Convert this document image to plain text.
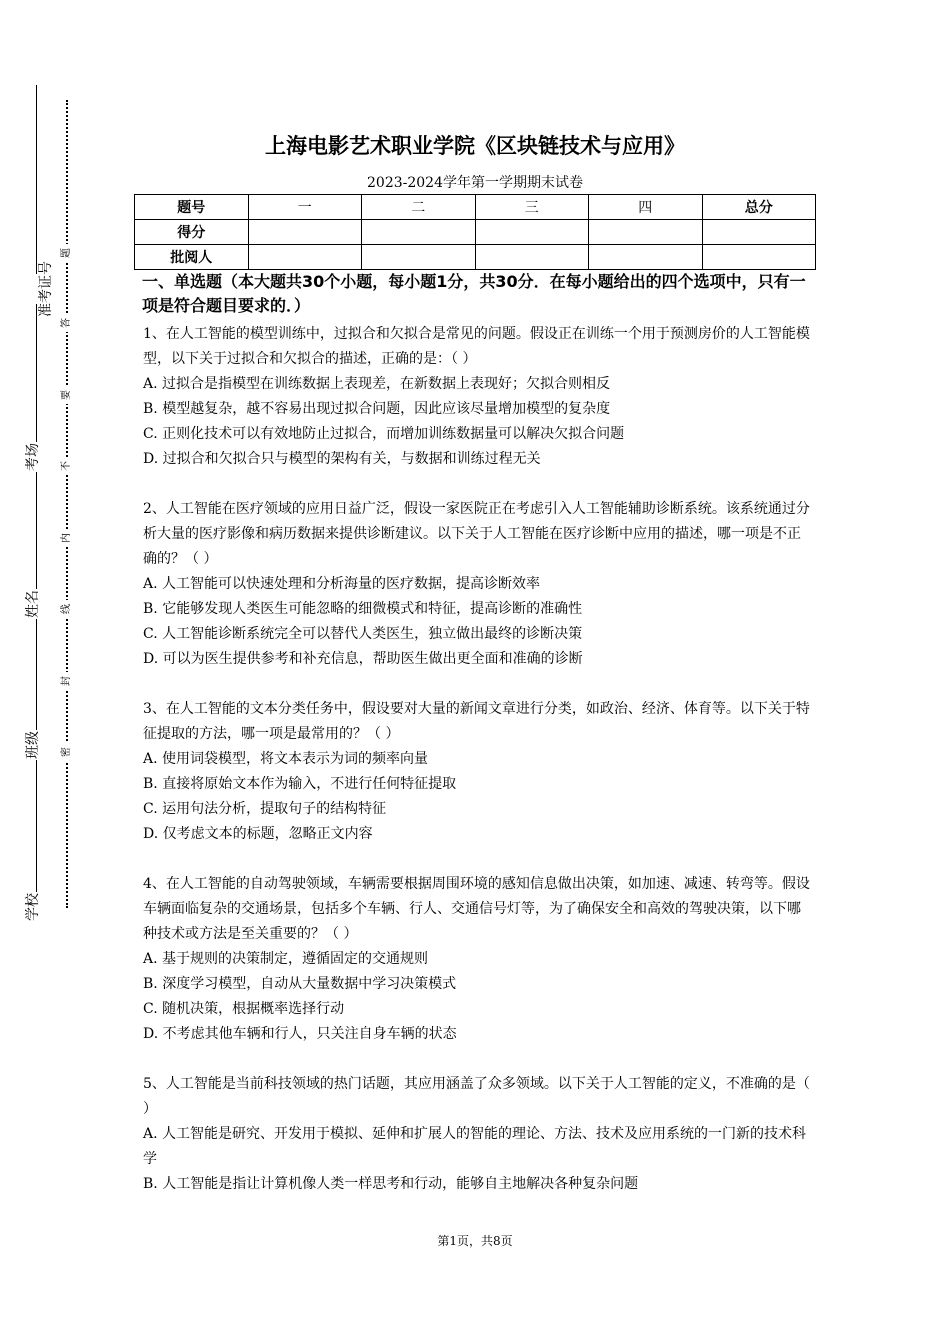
准考证号
考场
姓名
班级
学校
题
答
要
不
内
线
封
密
上海电影艺术职业学院《区块链技术与应用》
2023-2024学年第一学期期末试卷
题号	一	二	三	四	总分
得分					
批阅人					
一、单选题（本大题共30个小题，每小题1分，共30分．在每小题给出的四个选项中，只有一项是符合题目要求的．）

1、在人工智能的模型训练中，过拟合和欠拟合是常见的问题。假设正在训练一个用于预测房价的人工智能模型，以下关于过拟合和欠拟合的描述，正确的是：（ ）

A. 过拟合是指模型在训练数据上表现差，在新数据上表现好；欠拟合则相反

B. 模型越复杂，越不容易出现过拟合问题，因此应该尽量增加模型的复杂度

C. 正则化技术可以有效地防止过拟合，而增加训练数据量可以解决欠拟合问题

D. 过拟合和欠拟合只与模型的架构有关，与数据和训练过程无关

2、人工智能在医疗领域的应用日益广泛，假设一家医院正在考虑引入人工智能辅助诊断系统。该系统通过分析大量的医疗影像和病历数据来提供诊断建议。以下关于人工智能在医疗诊断中应用的描述，哪一项是不正确的？（ ）

A. 人工智能可以快速处理和分析海量的医疗数据，提高诊断效率

B. 它能够发现人类医生可能忽略的细微模式和特征，提高诊断的准确性

C. 人工智能诊断系统完全可以替代人类医生，独立做出最终的诊断决策

D. 可以为医生提供参考和补充信息，帮助医生做出更全面和准确的诊断

3、在人工智能的文本分类任务中，假设要对大量的新闻文章进行分类，如政治、经济、体育等。以下关于特征提取的方法，哪一项是最常用的？（ ）

A. 使用词袋模型，将文本表示为词的频率向量

B. 直接将原始文本作为输入，不进行任何特征提取

C. 运用句法分析，提取句子的结构特征

D. 仅考虑文本的标题，忽略正文内容

4、在人工智能的自动驾驶领域，车辆需要根据周围环境的感知信息做出决策，如加速、减速、转弯等。假设车辆面临复杂的交通场景，包括多个车辆、行人、交通信号灯等，为了确保安全和高效的驾驶决策，以下哪种技术或方法是至关重要的？（ ）

A. 基于规则的决策制定，遵循固定的交通规则

B. 深度学习模型，自动从大量数据中学习决策模式

C. 随机决策，根据概率选择行动

D. 不考虑其他车辆和行人，只关注自身车辆的状态

5、人工智能是当前科技领域的热门话题，其应用涵盖了众多领域。以下关于人工智能的定义，不准确的是（ ）

A. 人工智能是研究、开发用于模拟、延伸和扩展人的智能的理论、方法、技术及应用系统的一门新的技术科学

B. 人工智能是指让计算机像人类一样思考和行动，能够自主地解决各种复杂问题

第1页，共8页
